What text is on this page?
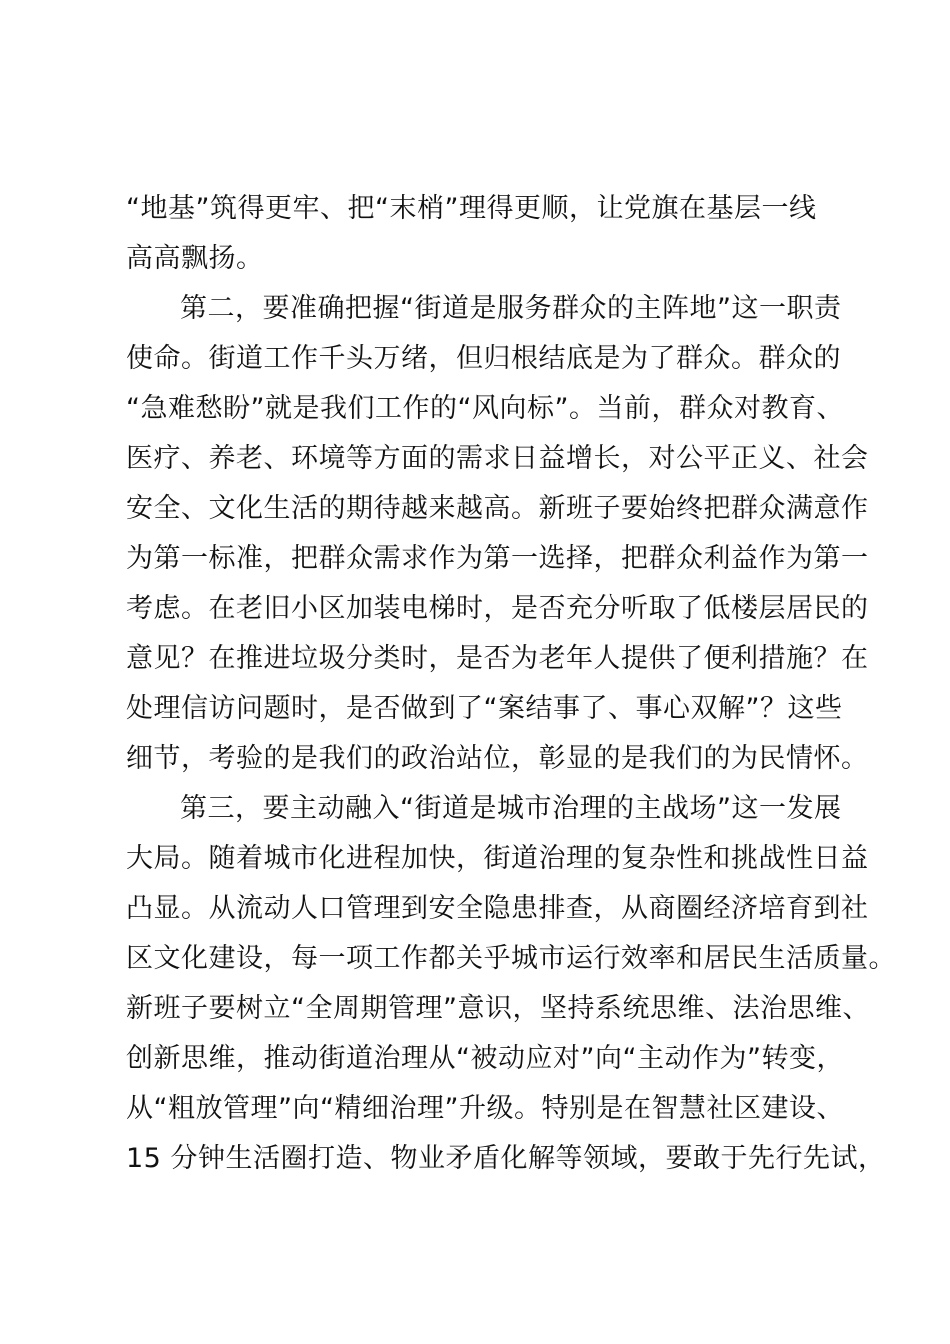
“地基”筑得更牢、把“末梢”理得更顺，让党旗在基层一线
高高飘扬。
第二，要准确把握“街道是服务群众的主阵地”这一职责
使命。街道工作千头万绪，但归根结底是为了群众。群众的
“急难愁盼”就是我们工作的“风向标”。当前，群众对教育、
医疗、养老、环境等方面的需求日益增长，对公平正义、社会
安全、文化生活的期待越来越高。新班子要始终把群众满意作
为第一标准，把群众需求作为第一选择，把群众利益作为第一
考虑。在老旧小区加装电梯时，是否充分听取了低楼层居民的
意见？在推进垃圾分类时，是否为老年人提供了便利措施？在
处理信访问题时，是否做到了“案结事了、事心双解”？这些
细节，考验的是我们的政治站位，彰显的是我们的为民情怀。
第三，要主动融入“街道是城市治理的主战场”这一发展
大局。随着城市化进程加快，街道治理的复杂性和挑战性日益
凸显。从流动人口管理到安全隐患排查，从商圈经济培育到社
区文化建设，每一项工作都关乎城市运行效率和居民生活质量。
新班子要树立“全周期管理”意识，坚持系统思维、法治思维、
创新思维，推动街道治理从“被动应对”向“主动作为”转变，
从“粗放管理”向“精细治理”升级。特别是在智慧社区建设、
15 分钟生活圈打造、物业矛盾化解等领域，要敢于先行先试，
